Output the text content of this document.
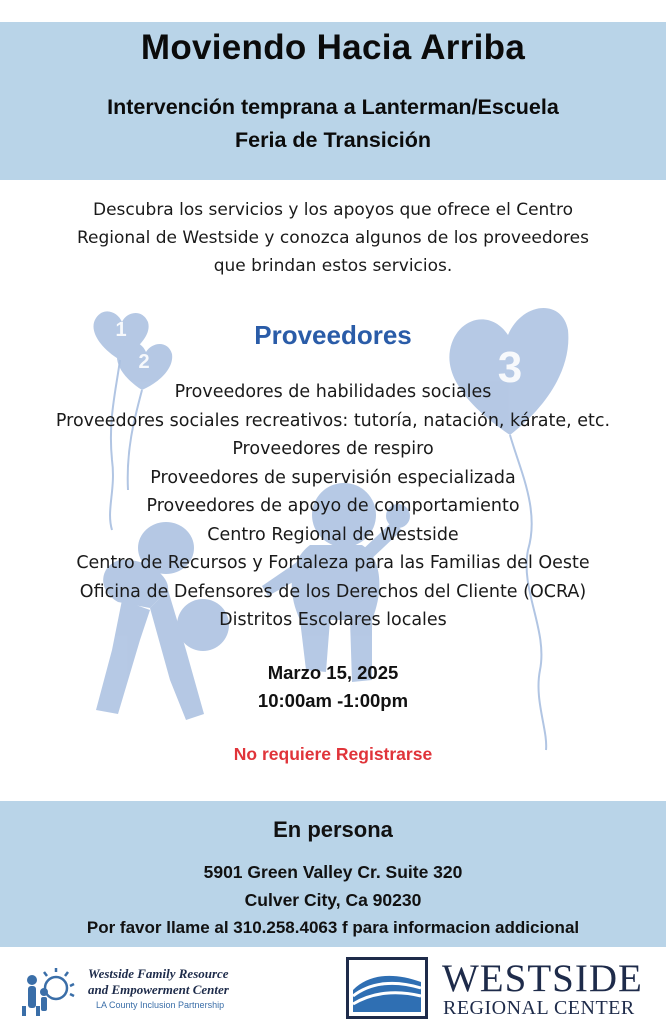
Moviendo Hacia Arriba
Intervención temprana a Lanterman/Escuela
Feria de Transición
Descubra los servicios y los apoyos que ofrece el Centro
Regional de Westside y conozca algunos de los proveedores
que brindan estos servicios.
1
2	3
Proveedores
Proveedores de habilidades sociales
Proveedores sociales recreativos: tutoría, natación, kárate, etc.
Proveedores de respiro
Proveedores de supervisión especializada
Proveedores de apoyo de comportamiento
Centro Regional de Westside
Centro de Recursos y Fortaleza para las Familias del Oeste
Oficina de Defensores de los Derechos del Cliente (OCRA)
Distritos Escolares locales
Marzo 15, 2025
10:00am -1:00pm
No requiere Registrarse
En persona
5901 Green Valley Cr. Suite 320
Culver City, Ca 90230
Por favor llame al 310.258.4063 f para informacion addicional
Westside Family Resource
and Empowerment Center
LA County Inclusion Partnership
WESTSIDE
REGIONAL CENTER
